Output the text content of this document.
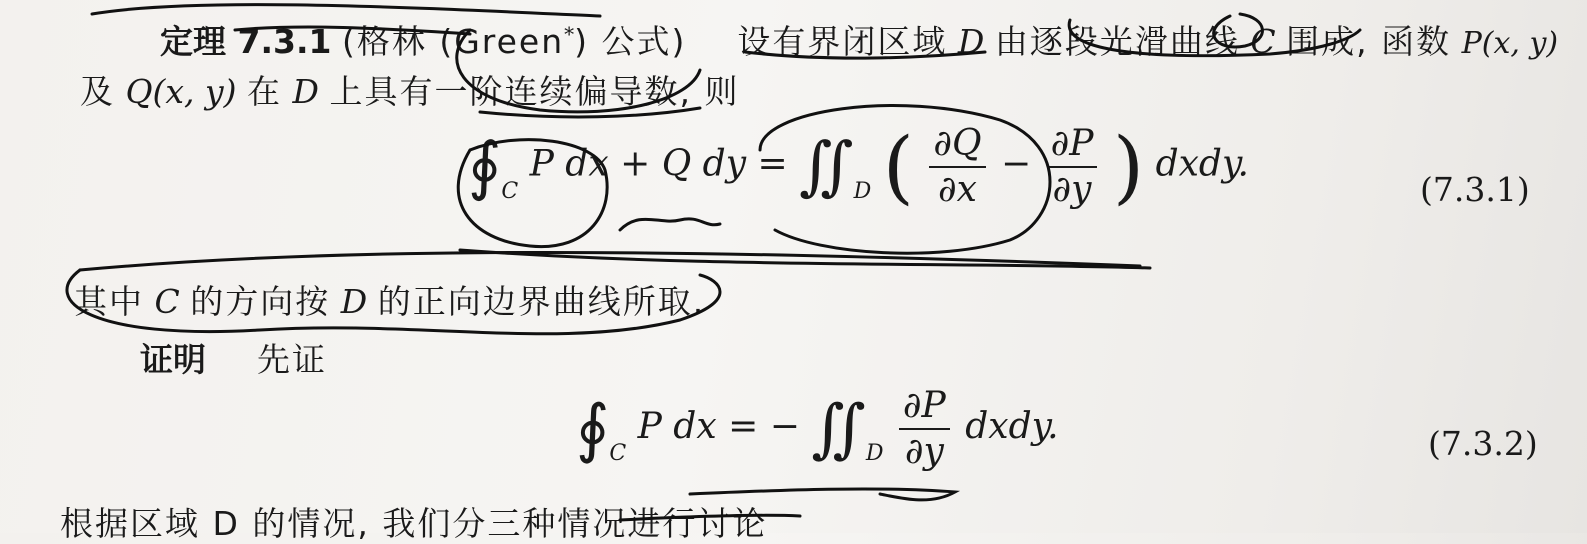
定理 7.3.1 (格林 (Green*) 公式) 设有界闭区域 D 由逐段光滑曲线 C 围成, 函数 P(x, y)
及 Q(x, y) 在 D 上具有一阶连续偏导数, 则
$∮_C$ P dx + Q dy = $∬_D$ ( $\frac{\partial Q}{\partial x} - \frac{\partial P}{\partial y}$ ) dxdy.
(7.3.1)
其中 C 的方向按 D 的正向边界曲线所取.
证明 先证
$∮_C$ P dx = − $∬_D \frac{\partial P}{\partial y}$ dxdy.	(7.3.2)
根据区域 D 的情况, 我们分三种情况进行讨论
